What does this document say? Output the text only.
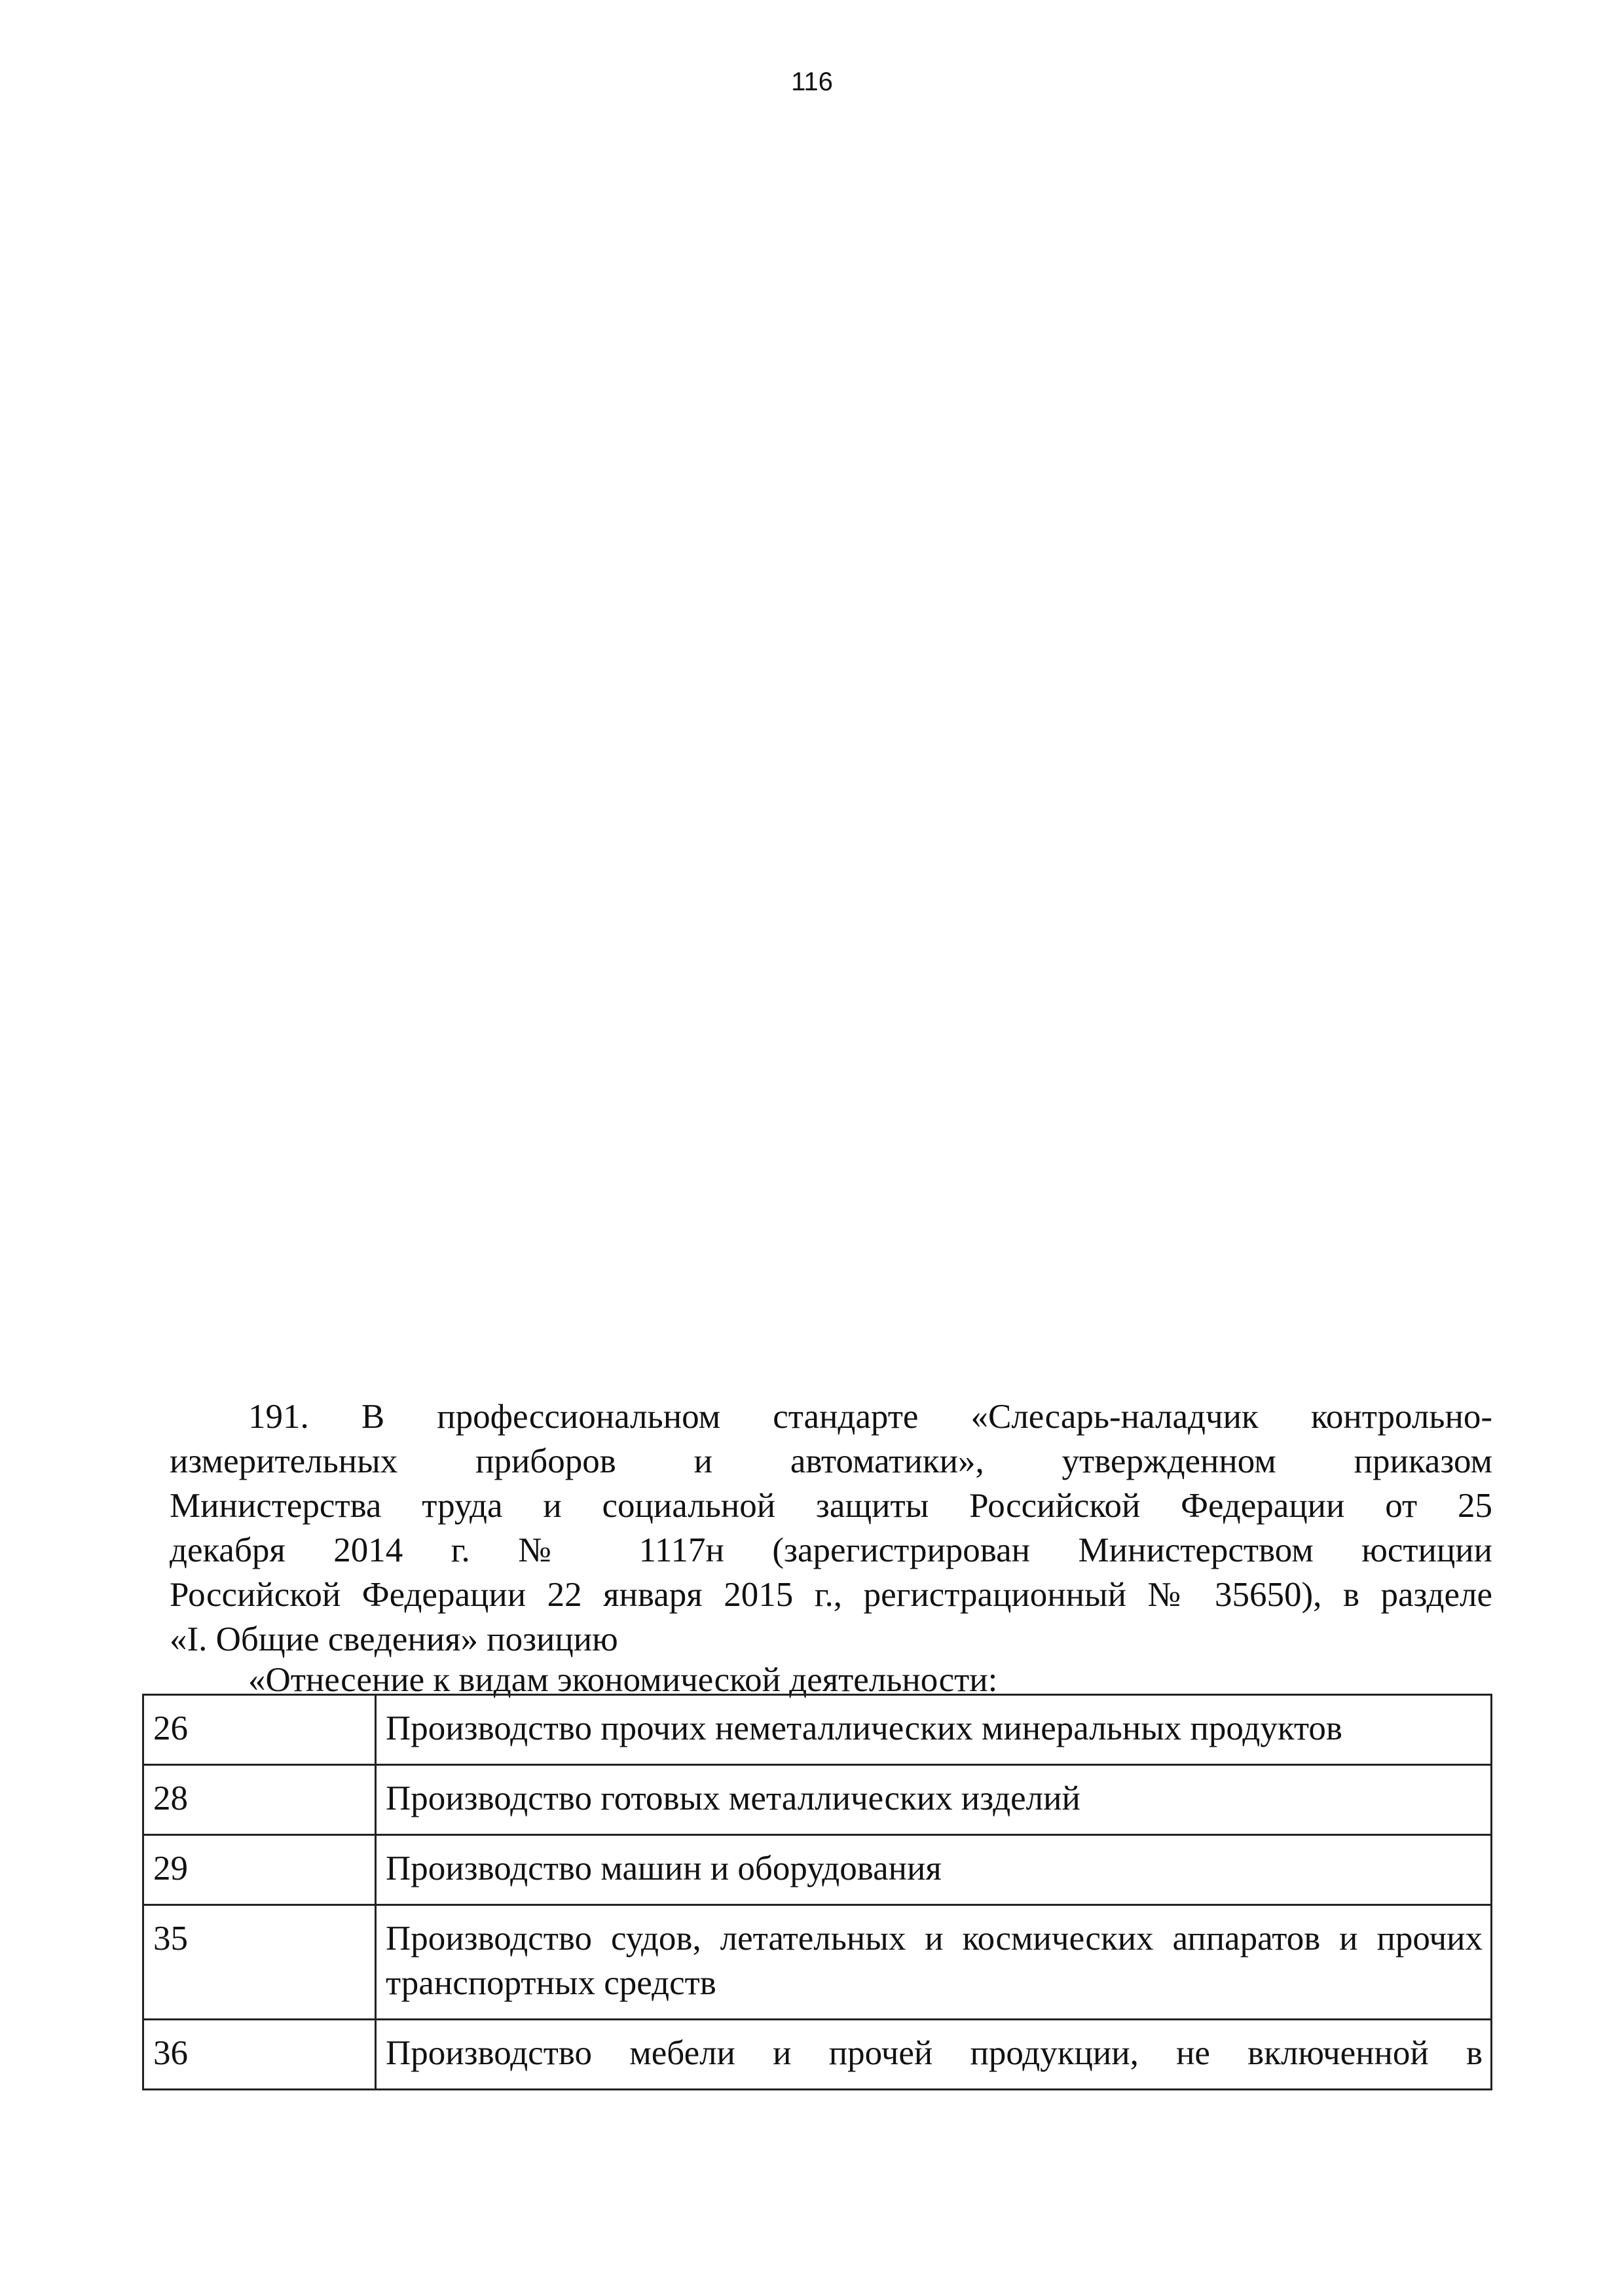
116
191. В профессиональном стандарте «Слесарь-наладчик контрольно-
измерительных приборов и автоматики», утвержденном приказом
Министерства труда и социальной защиты Российской Федерации от 25
декабря 2014 г. № 1117н (зарегистрирован Министерством юстиции
Российской Федерации 22 января 2015 г., регистрационный № 35650), в разделе
«I. Общие сведения» позицию
«Отнесение к видам экономической деятельности:
26	Производство прочих неметаллических минеральных продуктов
28	Производство готовых металлических изделий
29	Производство машин и оборудования
35	Производство судов, летательных и космических аппаратов и прочих транспортных средств
36	Производство мебели и прочей продукции, не включенной в
